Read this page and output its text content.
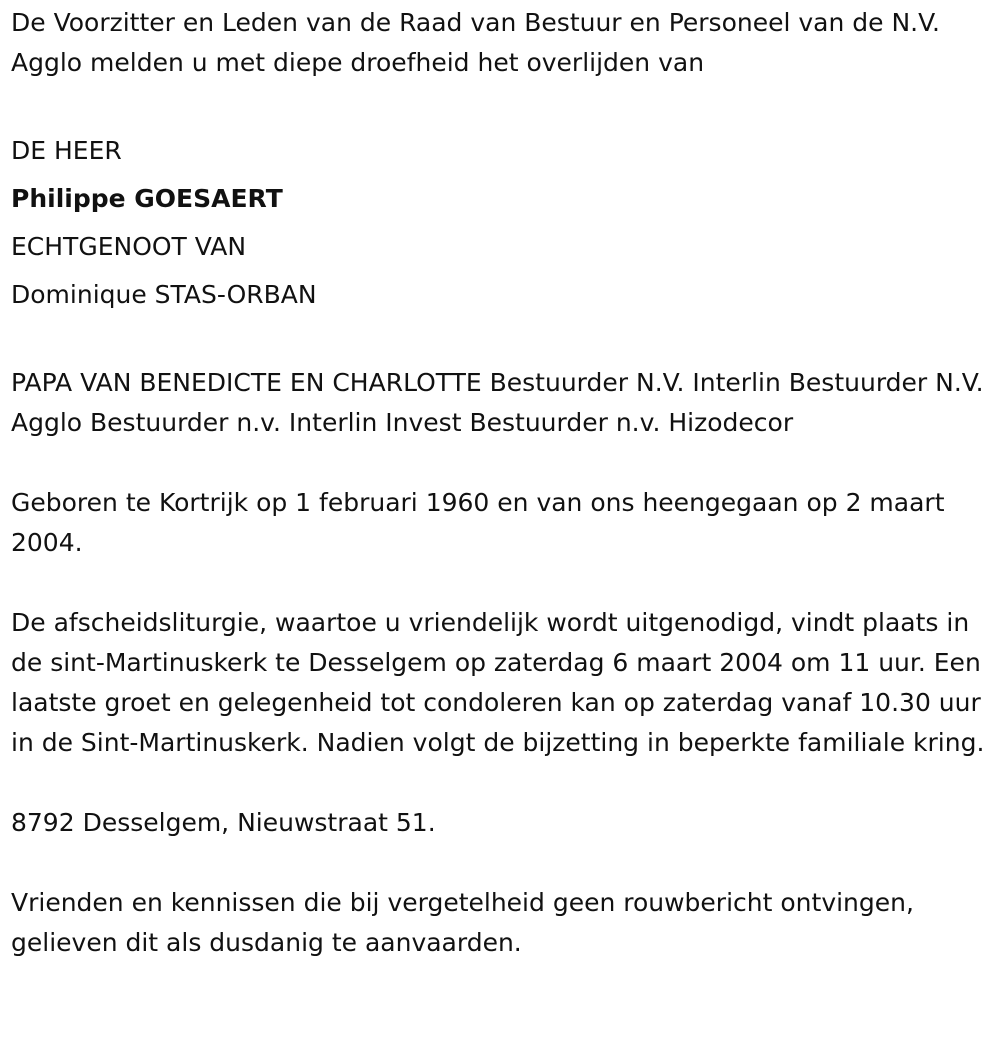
De Voorzitter en Leden van de Raad van Bestuur en Personeel van de N.V. Agglo melden u met diepe droefheid het overlijden van

DE HEER
Philippe GOESAERT
ECHTGENOOT VAN
Dominique STAS-ORBAN

PAPA VAN BENEDICTE EN CHARLOTTE Bestuurder N.V. Interlin Bestuurder N.V. Agglo Bestuurder n.v. Interlin Invest Bestuurder n.v. Hizodecor

Geboren te Kortrijk op 1 februari 1960 en van ons heengegaan op 2 maart 2004.

De afscheidsliturgie, waartoe u vriendelijk wordt uitgenodigd, vindt plaats in de sint-Martinuskerk te Desselgem op zaterdag 6 maart 2004 om 11 uur. Een laatste groet en gelegenheid tot condoleren kan op zaterdag vanaf 10.30 uur in de Sint-Martinuskerk. Nadien volgt de bijzetting in beperkte familiale kring.

8792 Desselgem, Nieuwstraat 51.

Vrienden en kennissen die bij vergetelheid geen rouwbericht ontvingen, gelieven dit als dusdanig te aanvaarden.
